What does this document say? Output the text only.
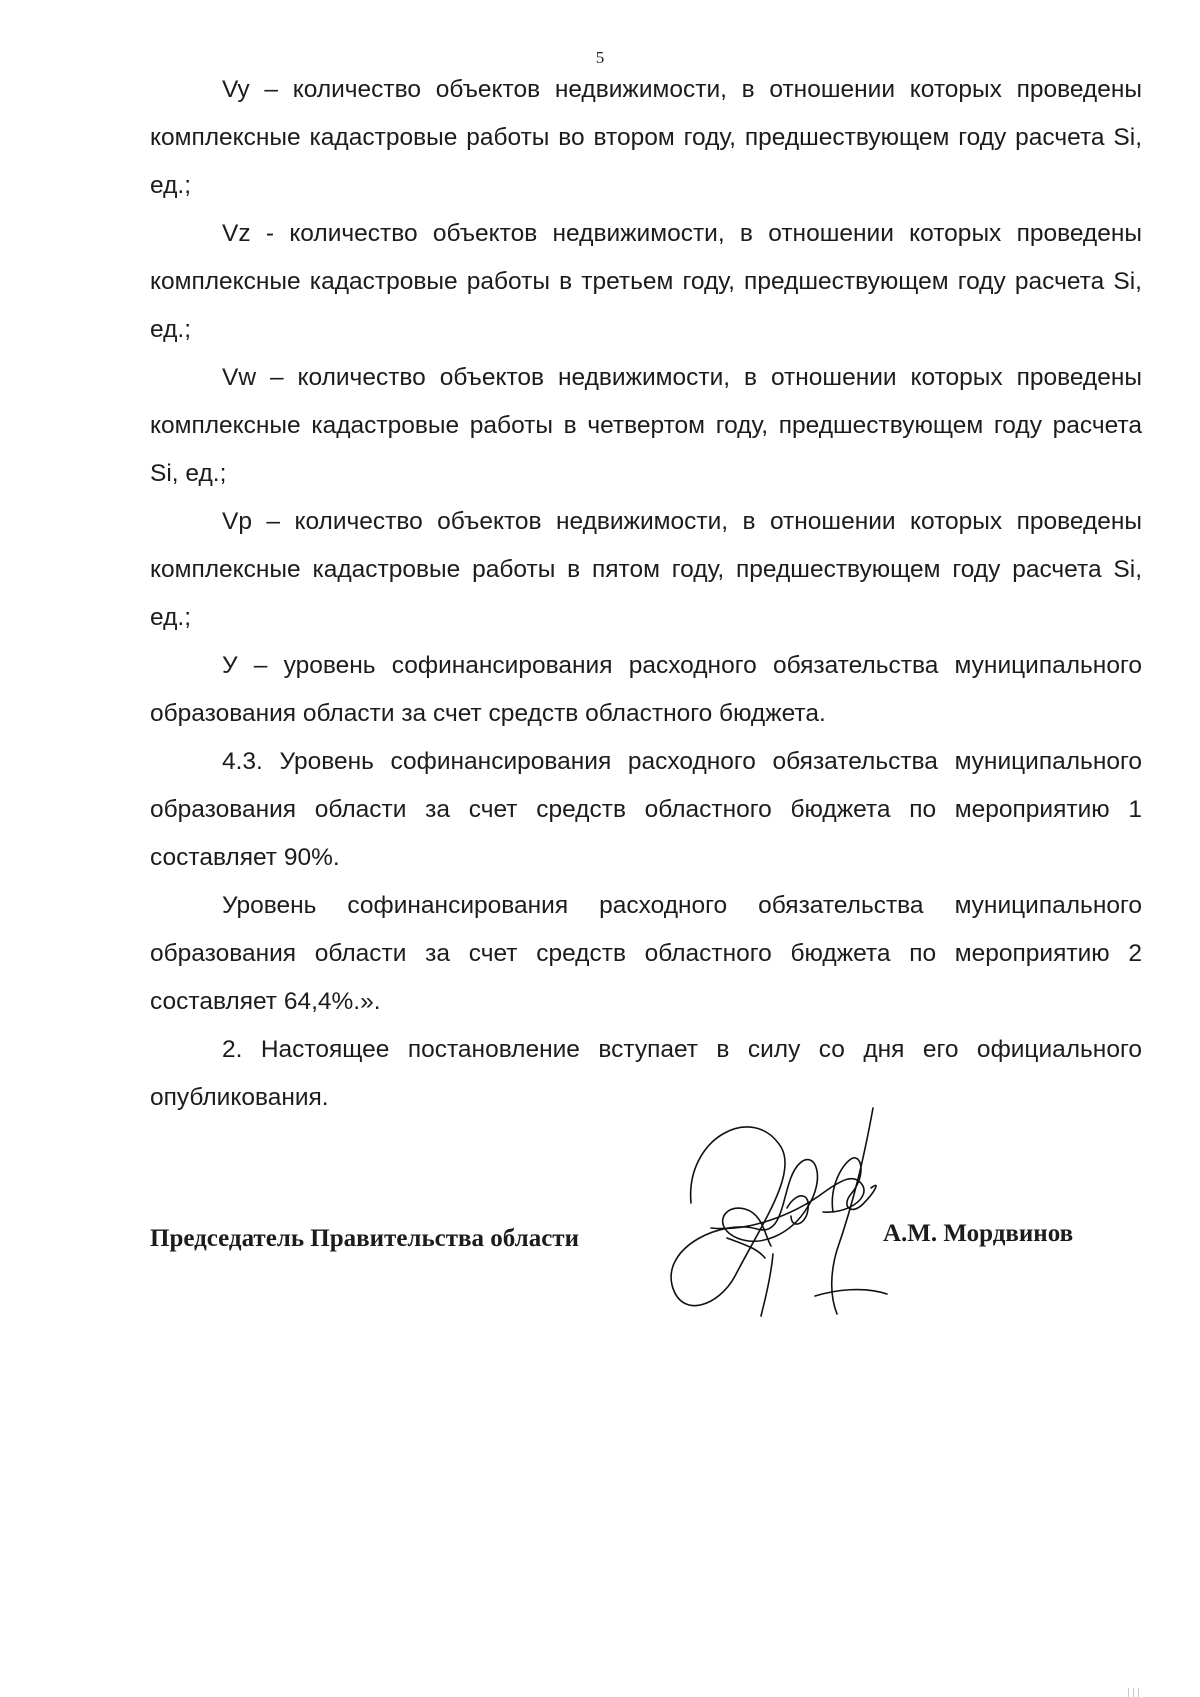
5

Vy – количество объектов недвижимости, в отношении которых проведены комплексные кадастровые работы во втором году, предшествующем году расчета Si, ед.;

Vz - количество объектов недвижимости, в отношении которых проведены комплексные кадастровые работы в третьем году, предшествующем году расчета Si, ед.;

Vw – количество объектов недвижимости, в отношении которых проведены комплексные кадастровые работы в четвертом году, предшествующем году расчета Si, ед.;

Vp – количество объектов недвижимости, в отношении которых проведены комплексные кадастровые работы в пятом году, предшествующем году расчета Si, ед.;

У – уровень софинансирования расходного обязательства муниципального образования области за счет средств областного бюджета.

4.3. Уровень софинансирования расходного обязательства муниципального образования области за счет средств областного бюджета по мероприятию 1 составляет 90%.

Уровень софинансирования расходного обязательства муниципального образования области за счет средств областного бюджета по мероприятию 2 составляет 64,4%.».

2. Настоящее постановление вступает в силу со дня его официального опубликования.

Председатель Правительства области	А.М. Мордвинов
